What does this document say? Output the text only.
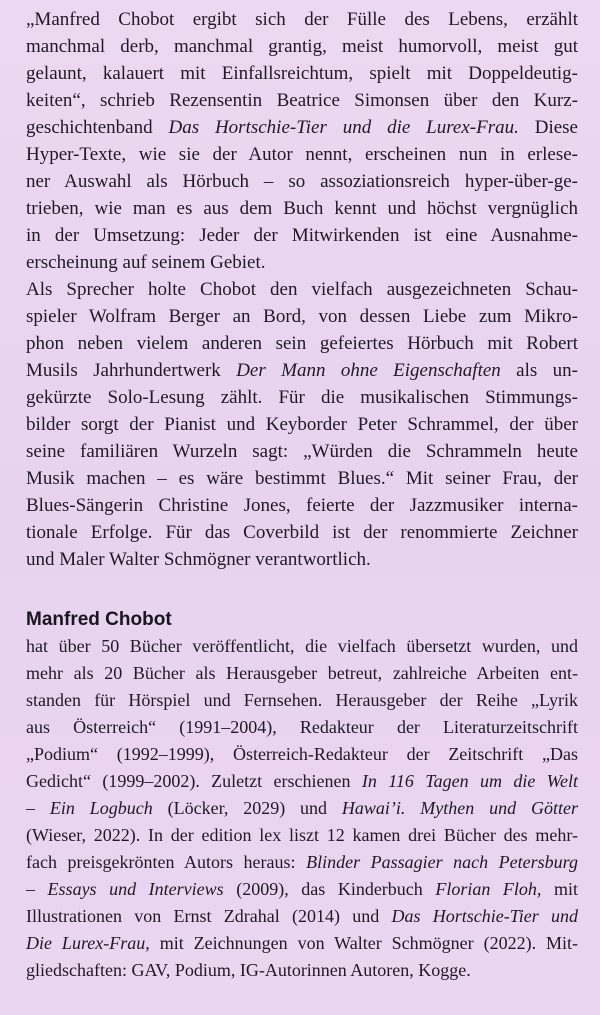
„Manfred Chobot ergibt sich der Fülle des Lebens, erzählt
manchmal derb, manchmal grantig, meist humorvoll, meist gut
gelaunt, kalauert mit Einfallsreichtum, spielt mit Doppeldeutig-
keiten“, schrieb Rezensentin Beatrice Simonsen über den Kurz-
geschichtenband Das Hortschie-Tier und die Lurex-Frau. Diese
Hyper-Texte, wie sie der Autor nennt, erscheinen nun in erlese-
ner Auswahl als Hörbuch – so assoziationsreich hyper-über-ge-
trieben, wie man es aus dem Buch kennt und höchst vergnüglich
in der Umsetzung: Jeder der Mitwirkenden ist eine Ausnahme-
erscheinung auf seinem Gebiet.
Als Sprecher holte Chobot den vielfach ausgezeichneten Schau-
spieler Wolfram Berger an Bord, von dessen Liebe zum Mikro-
phon neben vielem anderen sein gefeiertes Hörbuch mit Robert
Musils Jahrhundertwerk Der Mann ohne Eigenschaften als un-
gekürzte Solo-Lesung zählt. Für die musikalischen Stimmungs-
bilder sorgt der Pianist und Keyborder Peter Schrammel, der über
seine familiären Wurzeln sagt: „Würden die Schrammeln heute
Musik machen – es wäre bestimmt Blues.“ Mit seiner Frau, der
Blues-Sängerin Christine Jones, feierte der Jazzmusiker interna-
tionale Erfolge. Für das Coverbild ist der renommierte Zeichner
und Maler Walter Schmögner verantwortlich.
Manfred Chobot
hat über 50 Bücher veröffentlicht, die vielfach übersetzt wurden, und
mehr als 20 Bücher als Herausgeber betreut, zahlreiche Arbeiten ent-
standen für Hörspiel und Fernsehen. Herausgeber der Reihe „Lyrik
aus Österreich“ (1991–2004), Redakteur der Literaturzeitschrift
„Podium“ (1992–1999), Österreich-Redakteur der Zeitschrift „Das
Gedicht“ (1999–2002). Zuletzt erschienen In 116 Tagen um die Welt
– Ein Logbuch (Löcker, 2029) und Hawai’i. Mythen und Götter
(Wieser, 2022). In der edition lex liszt 12 kamen drei Bücher des mehr-
fach preisgekrönten Autors heraus: Blinder Passagier nach Petersburg
– Essays und Interviews (2009), das Kinderbuch Florian Floh, mit
Illustrationen von Ernst Zdrahal (2014) und Das Hortschie-Tier und
Die Lurex-Frau, mit Zeichnungen von Walter Schmögner (2022). Mit-
gliedschaften: GAV, Podium, IG-Autorinnen Autoren, Kogge.
